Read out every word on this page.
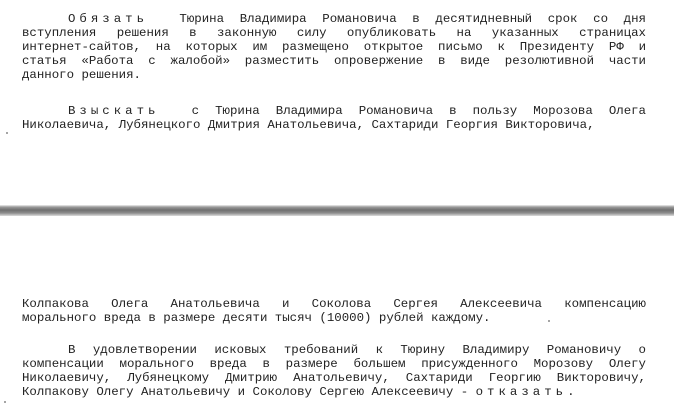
Обязать	Тюрина Владимира Романовича в десятидневный срок со дня
вступления решения в законную силу опубликовать на указанных страницах
интернет-сайтов, на которых им размещено открытое письмо к Президенту РФ и
статья «Работа с жалобой» разместить опровержение в виде резолютивной части
данного решения.

Взыскать	с Тюрина Владимира Романовича в пользу Морозова Олега
Николаевича, Лубянецкого Дмитрия Анатольевича, Сахтариди Георгия Викторовича,

Колпакова Олега Анатольевича и Соколова Сергея Алексеевича компенсацию
морального вреда в размере десяти тысяч (10000) рублей каждому.

В удовлетворении исковых требований к Тюрину Владимиру Романовичу о
компенсации морального вреда в размере большем присужденного Морозову Олегу
Николаевичу, Лубянецкому Дмитрию Анатольевичу, Сахтариди Георгию Викторовичу,
Колпакову Олегу Анатольевичу и Соколову Сергею Алексеевичу - откaзать.
